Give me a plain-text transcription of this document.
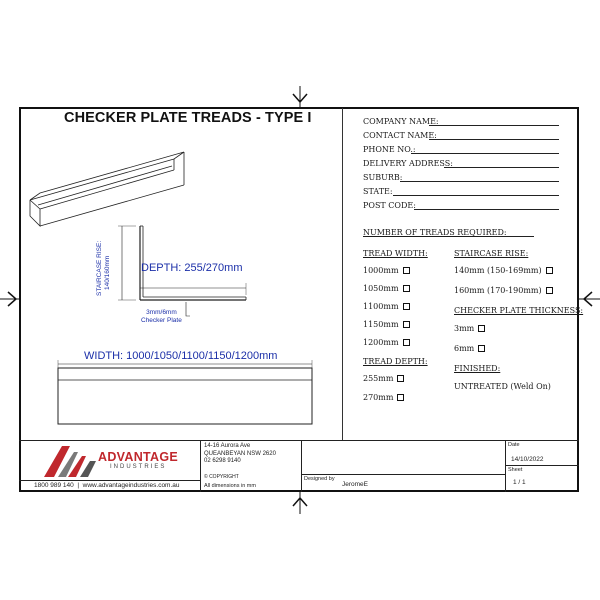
CHECKER PLATE TREADS - TYPE I
STAIRCASE RISE: 140/160mm	DEPTH: 255/270mm
3mm/6mm
Checker Plate
WIDTH: 1000/1050/1100/1150/1200mm
COMPANY NAME:
CONTACT NAME:
PHONE NO.:
DELIVERY ADDRESS:
SUBURB:
STATE:
POST CODE:
NUMBER OF TREADS REQUIRED:
TREAD WIDTH:
1000mm
1050mm
1100mm
1150mm
1200mm
TREAD DEPTH:
255mm
270mm
STAIRCASE RISE:
140mm (150-169mm)
160mm (170-190mm)
CHECKER PLATE THICKNESS:
3mm
6mm
FINISHED:
UNTREATED (Weld On)
ADVANTAGE
INDUSTRIES
1800 989 140  |  www.advantageindustries.com.au
14-16 Aurora Ave
QUEANBEYAN NSW 2620
02 6298 9140
© COPYRIGHT
All dimensions in mm
Designed by
JeromeE
Date
14/10/2022
Sheet
1 / 1
